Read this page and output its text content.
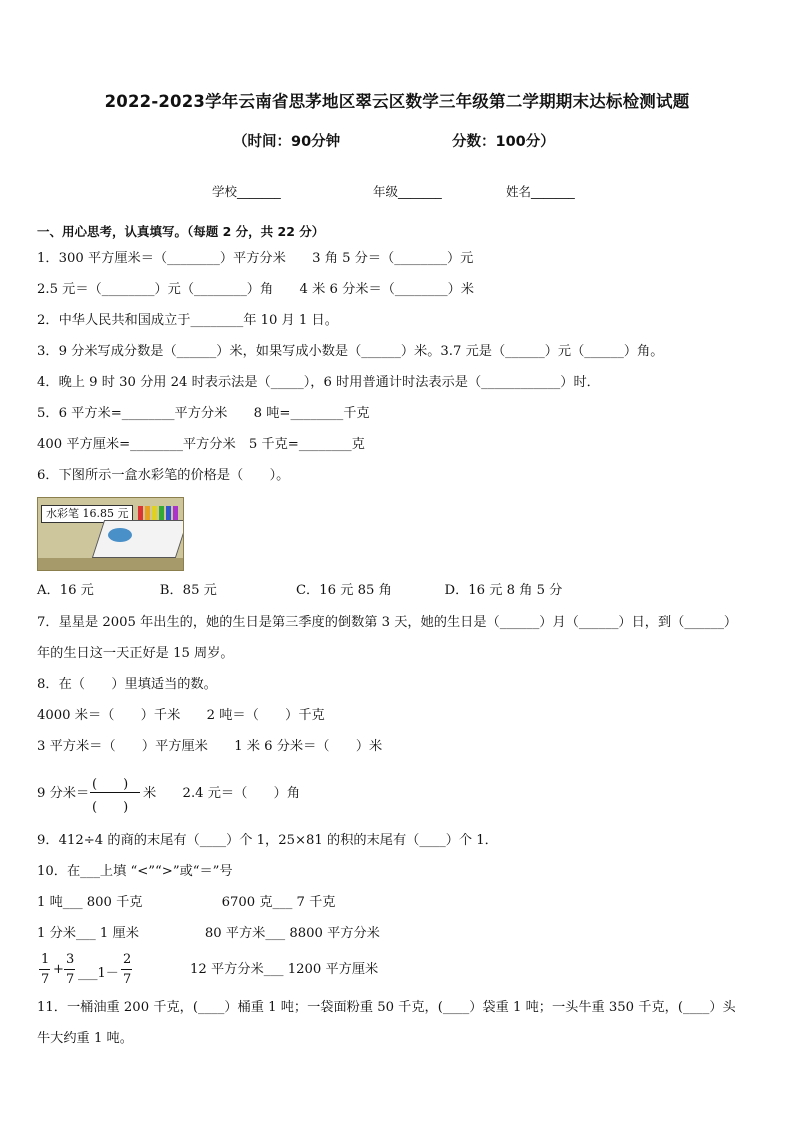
2022-2023学年云南省思茅地区翠云区数学三年级第二学期期末达标检测试题
（时间：90分钟	分数：100分）
学校_______	年级_______	姓名_______
一、用心思考，认真填写。（每题 2 分，共 22 分）
1．300 平方厘米＝（________）平方分米　　3 角 5 分＝（________）元
2.5 元＝（________）元（________）角　　4 米 6 分米＝（________）米
2．中华人民共和国成立于________年 10 月 1 日。
3．9 分米写成分数是（______）米，如果写成小数是（______）米。3.7 元是（______）元（______）角。
4．晚上 9 时 30 分用 24 时表示法是（_____），6 时用普通计时法表示是（____________）时．
5．6 平方米=________平方分米　　8 吨=________千克
400 平方厘米=________平方分米　5 千克=________克
6．下图所示一盒水彩笔的价格是（　　）。
水彩笔 16.85 元
A．16 元　　　　　B．85 元　　　　　　C．16 元 85 角　　　　D．16 元 8 角 5 分
7．星星是 2005 年出生的，她的生日是第三季度的倒数第 3 天，她的生日是（______）月（______）日，到（______）
年的生日这一天正好是 15 周岁。
8．在（　　）里填适当的数。
4000 米＝（　　）千米　　2 吨＝（　　）千克
3 平方米＝（　　）平方厘米　　1 米 6 分米＝（　　）米
9 分米＝
(　　)
(　　)
米　　2.4 元＝（　　）角
9．412÷4 的商的末尾有（____）个 1，25×81 的积的末尾有（____）个 1．
10．在___上填 “<”“>”或“＝”号
1 吨___ 800 千克　　　　　　6700 克___ 7 千克
1 分米___ 1 厘米　　　　　80 平方米___ 8800 平方分米
1
7
+
3
7 ___1－
2
7
12 平方分米___ 1200 平方厘米
11．一桶油重 200 千克，(____）桶重 1 吨；一袋面粉重 50 千克，(____）袋重 1 吨；一头牛重 350 千克，(____）头
牛大约重 1 吨。
